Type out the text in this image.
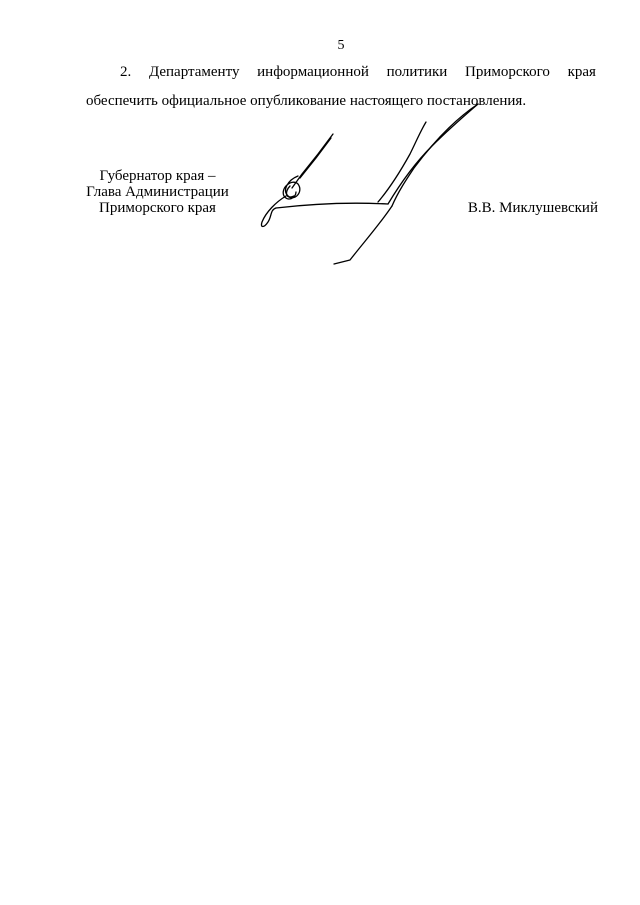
5
2. Департаменту информационной политики Приморского края
обеспечить официальное опубликование настоящего постановления.
Губернатор края –
Глава Администрации
Приморского края	В.В. Миклушевский
